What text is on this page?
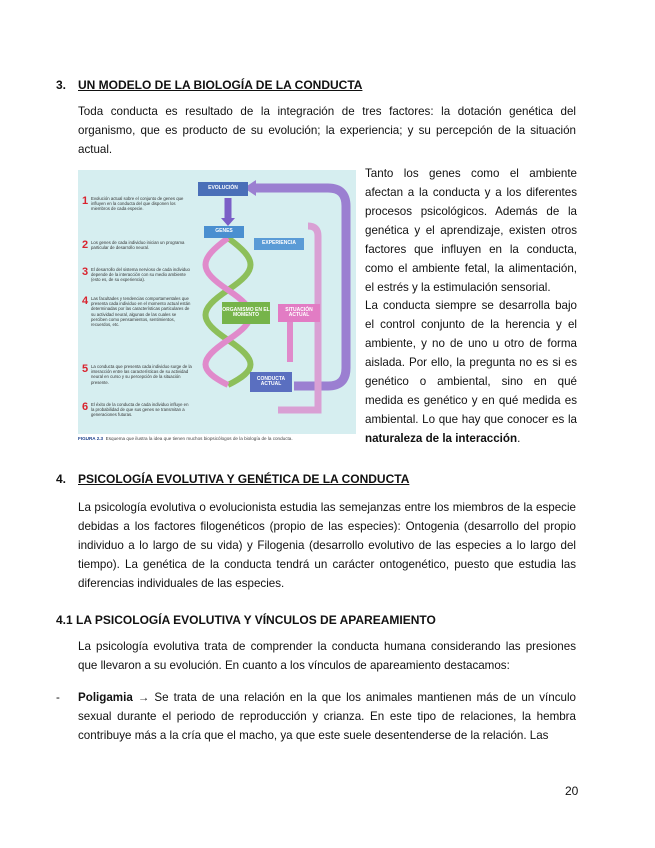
3. UN MODELO DE LA BIOLOGÍA DE LA CONDUCTA
Toda conducta es resultado de la integración de tres factores: la dotación genética del organismo, que es producto de su evolución; la experiencia; y su percepción de la situación actual.
1 Evolución actual sobre el conjunto de genes que influyen en la conducta del que disponen los miembros de cada especie.
2 Los genes de cada individuo inician un programa particular de desarrollo neural.
3 El desarrollo del sistema nervioso de cada individuo depende de la interacción con su medio ambiente (esto es, de su experiencia).
4 Las facultades y tendencias comportamentales que presenta cada individuo en el momento actual están determinadas por las características particulares de su actividad neural, algunas de las cuales se perciben como pensamientos, sentimientos, recuerdos, etc.
5 La conducta que presenta cada individuo surge de la interacción entre las características de su actividad neural en curso y su percepción de la situación presente.
6 El éxito de la conducta de cada individuo influye en la probabilidad de que sus genes se transmitan a generaciones futuras.
EVOLUCIÓN
GENES
EXPERIENCIA
ORGANISMO EN EL MOMENTO
SITUACIÓN ACTUAL
CONDUCTA ACTUAL
FIGURA 2.3 Esquema que ilustra la idea que tienen muchos biopsicólogos de la biología de la conducta.
Tanto los genes como el ambiente afectan a la conducta y a los diferentes procesos psicológicos. Además de la genética y el aprendizaje, existen otros factores que influyen en la conducta, como el ambiente fetal, la alimentación, el estrés y la estimulación sensorial.
La conducta siempre se desarrolla bajo el control conjunto de la herencia y el ambiente, y no de uno u otro de forma aislada. Por ello, la pregunta no es si es genético o ambiental, sino en qué medida es genético y en qué medida es ambiental. Lo que hay que conocer es la naturaleza de la interacción.
4. PSICOLOGÍA EVOLUTIVA Y GENÉTICA DE LA CONDUCTA
La psicología evolutiva o evolucionista estudia las semejanzas entre los miembros de la especie debidas a los factores filogenéticos (propio de las especies): Ontogenia (desarrollo del propio individuo a lo largo de su vida) y Filogenia (desarrollo evolutivo de las especies a lo largo del tiempo). La genética de la conducta tendrá un carácter ontogenético, puesto que estudia las diferencias individuales de las especies.
4.1 LA PSICOLOGÍA EVOLUTIVA Y VÍNCULOS DE APAREAMIENTO
La psicología evolutiva trata de comprender la conducta humana considerando las presiones que llevaron a su evolución. En cuanto a los vínculos de apareamiento destacamos:
- Poligamia → Se trata de una relación en la que los animales mantienen más de un vínculo sexual durante el periodo de reproducción y crianza. En este tipo de relaciones, la hembra contribuye más a la cría que el macho, ya que este suele desentenderse de la relación. Las
20
